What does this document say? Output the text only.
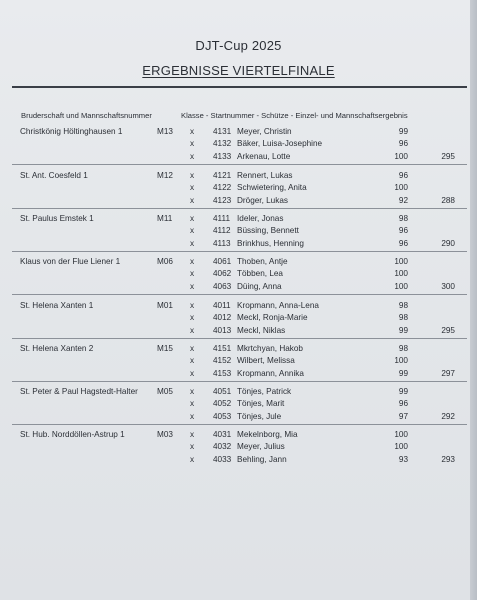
DJT-Cup 2025
ERGEBNISSE VIERTELFINALE
Bruderschaft und Mannschaftsnummer	Klasse - Startnummer - Schütze - Einzel- und Mannschaftsergebnis
Christkönig Höltinghausen 1	M13 x 4131 Meyer, Christin	99
x 4132 Bäker, Luisa-Josephine	96
x 4133 Arkenau, Lotte	100	295
St. Ant. Coesfeld 1	M12 x 4121 Rennert, Lukas	96
x 4122 Schwietering, Anita	100
x 4123 Dröger, Lukas	92	288
St. Paulus Emstek 1	M11 x 4111 Ideler, Jonas	98
x 4112 Büssing, Bennett	96
x 4113 Brinkhus, Henning	96	290
Klaus von der Flue Liener 1	M06 x 4061 Thoben, Antje	100
x 4062 Többen, Lea	100
x 4063 Düing, Anna	100	300
St. Helena Xanten 1	M01 x 4011 Kropmann, Anna-Lena	98
x 4012 Meckl, Ronja-Marie	98
x 4013 Meckl, Niklas	99	295
St. Helena Xanten 2	M15 x 4151 Mkrtchyan, Hakob	98
x 4152 Wilbert, Melissa	100
x 4153 Kropmann, Annika	99	297
St. Peter & Paul Hagstedt-Halter M05 x 4051 Tönjes, Patrick	99
x 4052 Tönjes, Marit	96
x 4053 Tönjes, Jule	97	292
St. Hub. Norddöllen-Astrup 1	M03 x 4031 Mekelnborg, Mia	100
x 4032 Meyer, Julius	100
x 4033 Behling, Jann	93	293
